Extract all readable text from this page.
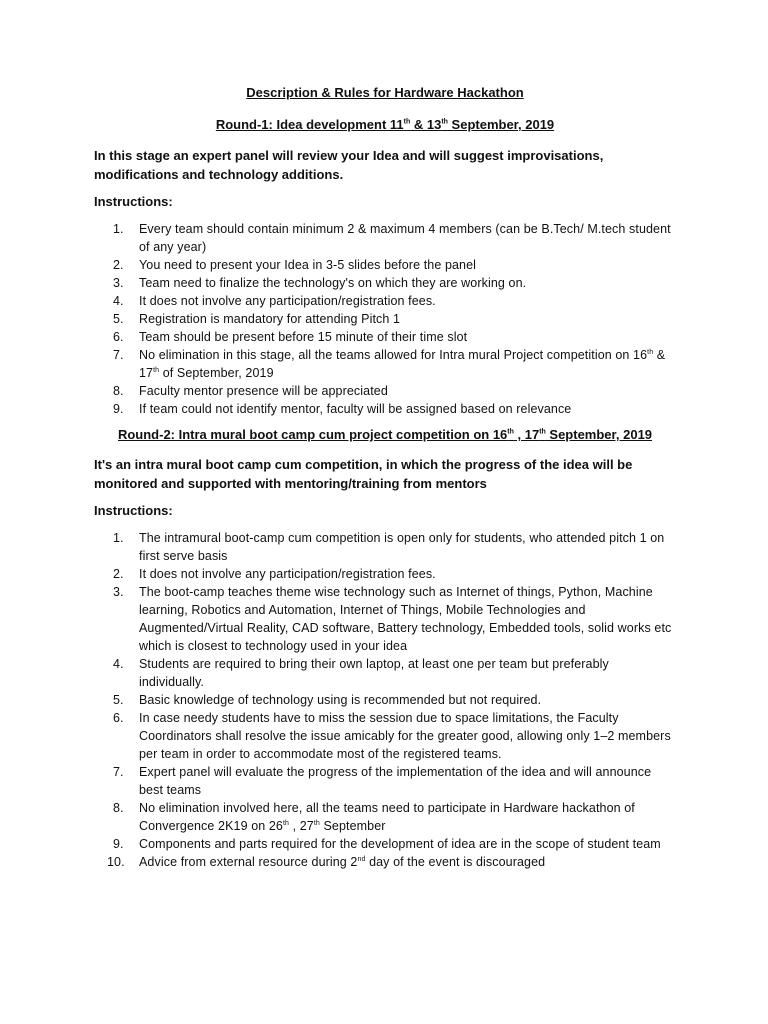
Description & Rules for Hardware Hackathon

Round-1: Idea development 11th & 13th September, 2019

In this stage an expert panel will review your Idea and will suggest improvisations, modifications and technology additions.

Instructions:

1.	Every team should contain minimum 2 & maximum 4 members (can be B.Tech/ M.tech student of any year)
2.	You need to present your Idea in 3-5 slides before the panel
3.	Team need to finalize the technology's on which they are working on.
4.	It does not involve any participation/registration fees.
5.	Registration is mandatory for attending Pitch 1
6.	Team should be present before 15 minute of their time slot
7.	No elimination in this stage, all the teams allowed for Intra mural Project competition on 16th & 17th of September, 2019
8.	Faculty mentor presence will be appreciated
9.	If team could not identify mentor, faculty will be assigned based on relevance

Round-2: Intra mural boot camp cum project competition on 16th , 17th September, 2019

It's an intra mural boot camp cum competition, in which the progress of the idea will be monitored and supported with mentoring/training from mentors

Instructions:

1.	The intramural boot-camp cum competition is open only for students, who attended pitch 1 on first serve basis
2.	It does not involve any participation/registration fees.
3.	The boot-camp teaches theme wise technology such as Internet of things, Python, Machine learning, Robotics and Automation, Internet of Things, Mobile Technologies and Augmented/Virtual Reality, CAD software, Battery technology, Embedded tools, solid works etc which is closest to technology used in your idea
4.	Students are required to bring their own laptop, at least one per team but preferably individually.
5.	Basic knowledge of technology using is recommended but not required.
6.	In case needy students have to miss the session due to space limitations, the Faculty Coordinators shall resolve the issue amicably for the greater good, allowing only 1–2 members per team in order to accommodate most of the registered teams.
7.	Expert panel will evaluate the progress of the implementation of the idea and will announce best teams
8.	No elimination involved here, all the teams need to participate in Hardware hackathon of Convergence 2K19 on 26th , 27th September
9.	Components and parts required for the development of idea are in the scope of student team
10.	Advice from external resource during 2nd day of the event is discouraged
